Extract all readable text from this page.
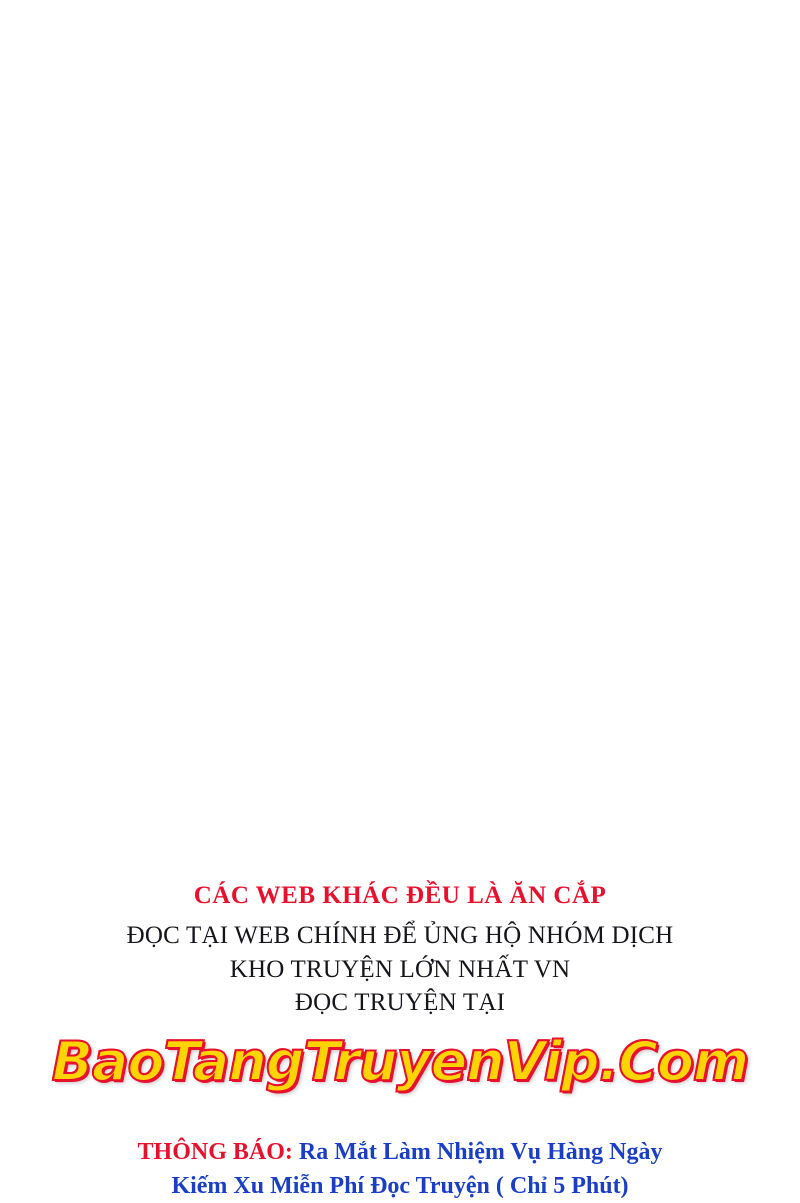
CÁC WEB KHÁC ĐỀU LÀ ĂN CẮP

ĐỌC TẠI WEB CHÍNH ĐỂ ỦNG HỘ NHÓM DỊCH

KHO TRUYỆN LỚN NHẤT VN

ĐỌC TRUYỆN TẠI

BaoTangTruyenVip.Com

THÔNG BÁO: Ra Mắt Làm Nhiệm Vụ Hàng Ngày

Kiếm Xu Miễn Phí Đọc Truyện ( Chỉ 5 Phút)
